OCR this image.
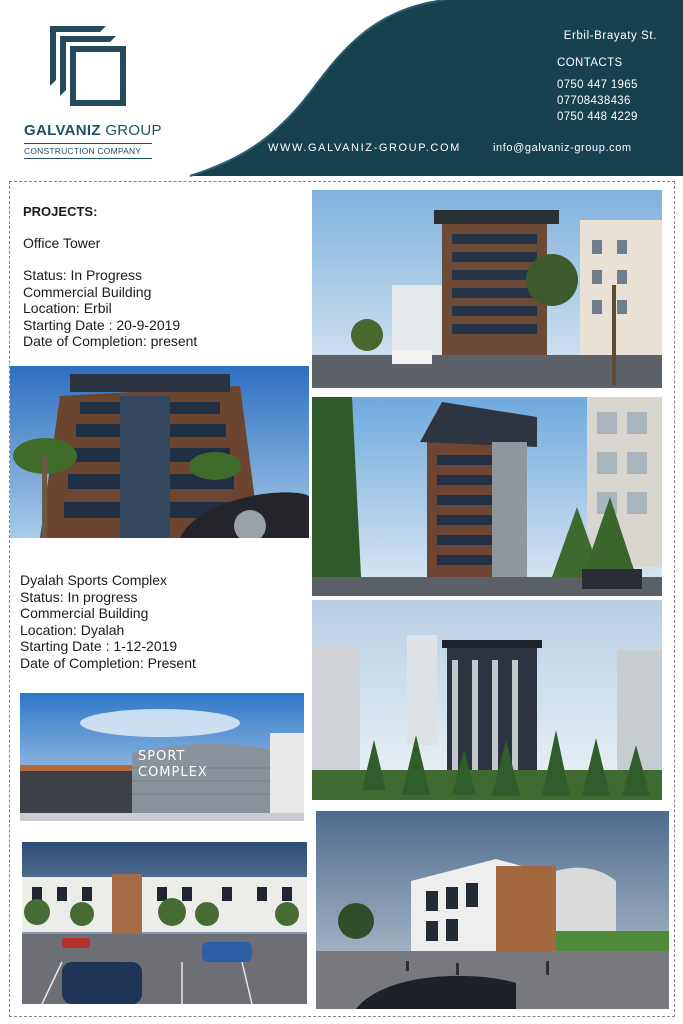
GALVANIZ GROUP
CONSTRUCTION COMPANY
Erbil-Brayaty St.
CONTACTS
0750 447 1965
07708438436
0750 448 4229
WWW.GALVANIZ-GROUP.COM	info@galvaniz-group.com
PROJECTS:
Office Tower
Status: In Progress
Commercial Building
Location: Erbil
Starting Date : 20-9-2019
Date of Completion: present
Dyalah Sports Complex
Status: In progress
Commercial Building
Location: Dyalah
Starting Date : 1-12-2019
Date of Completion: Present
SPORT
COMPLEX
